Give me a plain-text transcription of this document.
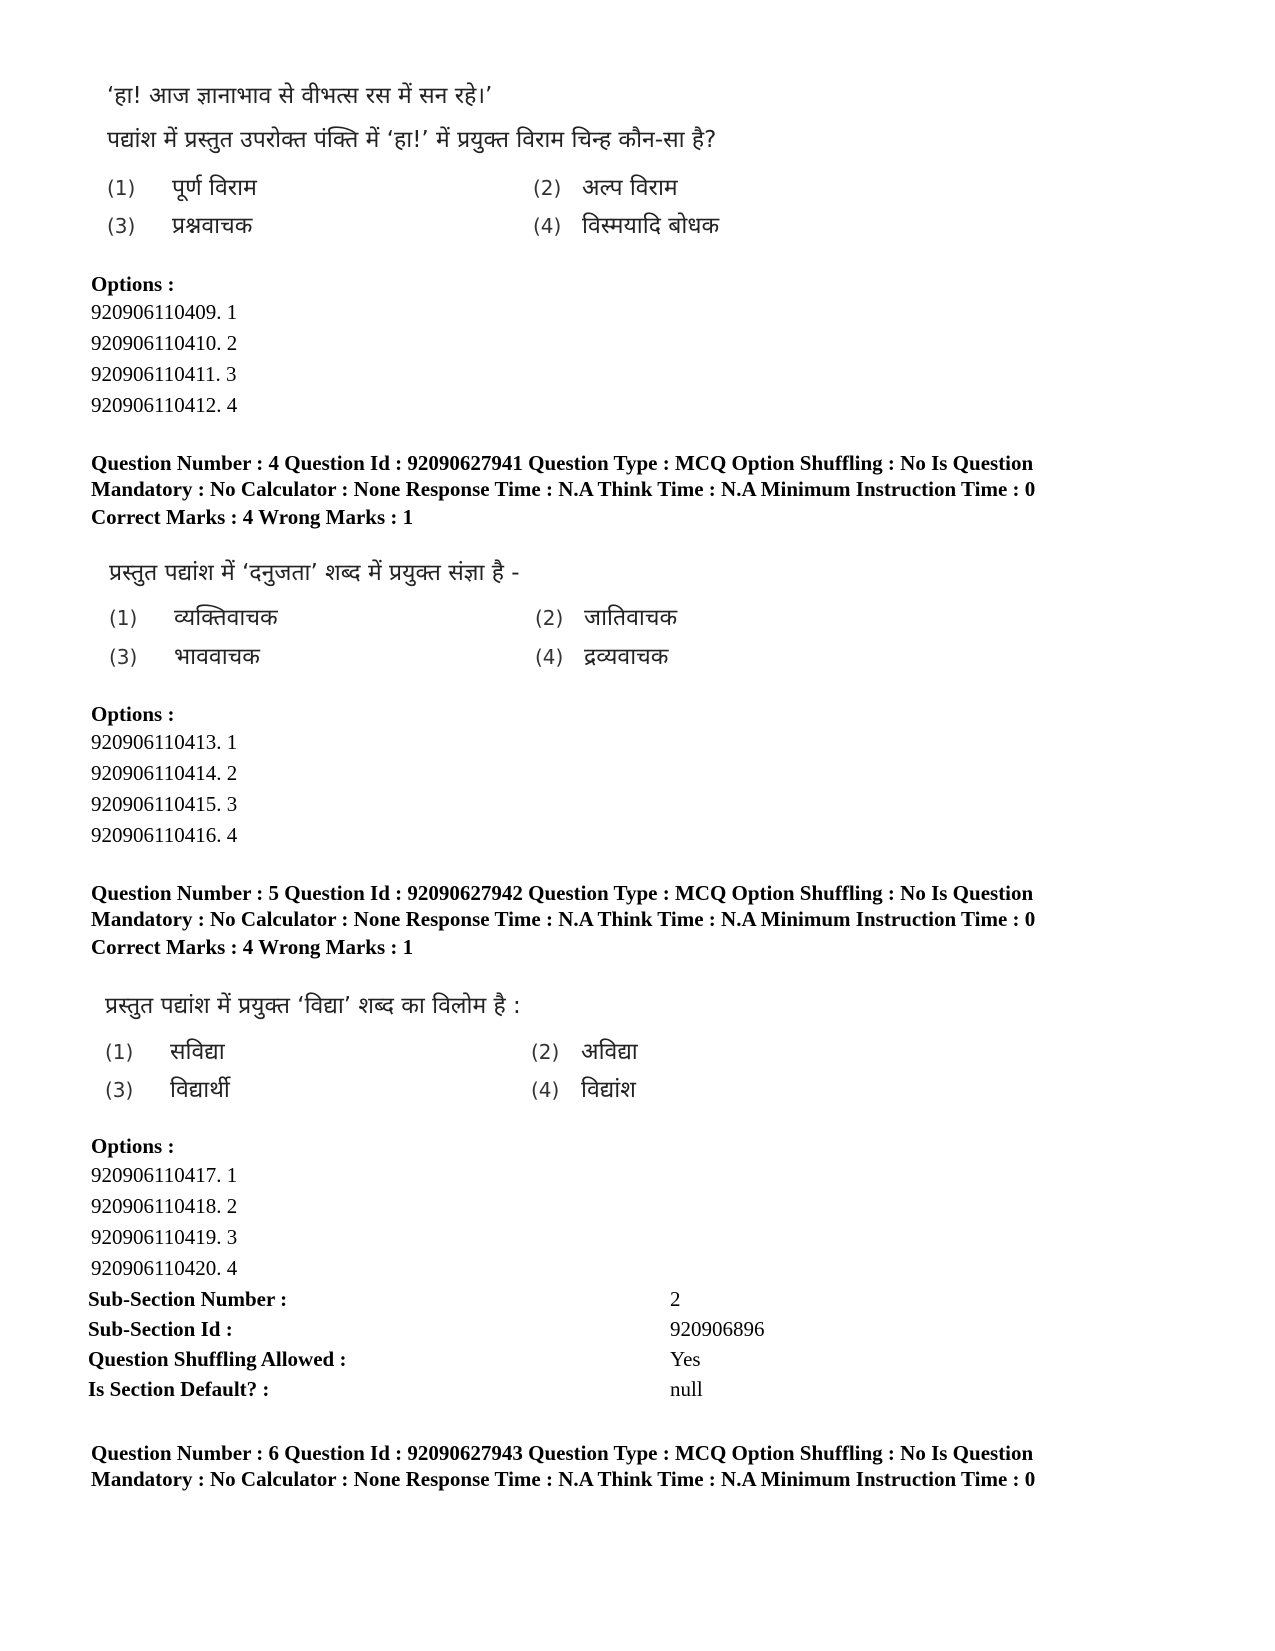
‘हा! आज ज्ञानाभाव से वीभत्स रस में सन रहे।’
पद्यांश में प्रस्तुत उपरोक्त पंक्ति में ‘हा!’ में प्रयुक्त विराम चिन्ह कौन-सा है?
(1) पूर्ण विराम	(2) अल्प विराम
(3) प्रश्नवाचक	(4) विस्मयादि बोधक
Options :
920906110409. 1
920906110410. 2
920906110411. 3
920906110412. 4
Question Number : 4 Question Id : 92090627941 Question Type : MCQ Option Shuffling : No Is Question
Mandatory : No Calculator : None Response Time : N.A Think Time : N.A Minimum Instruction Time : 0
Correct Marks : 4 Wrong Marks : 1
प्रस्तुत पद्यांश में ‘दनुजता’ शब्द में प्रयुक्त संज्ञा है -
(1) व्यक्तिवाचक	(2) जातिवाचक
(3) भाववाचक	(4) द्रव्यवाचक
Options :
920906110413. 1
920906110414. 2
920906110415. 3
920906110416. 4
Question Number : 5 Question Id : 92090627942 Question Type : MCQ Option Shuffling : No Is Question
Mandatory : No Calculator : None Response Time : N.A Think Time : N.A Minimum Instruction Time : 0
Correct Marks : 4 Wrong Marks : 1
प्रस्तुत पद्यांश में प्रयुक्त ‘विद्या’ शब्द का विलोम है :
(1) सविद्या	(2) अविद्या
(3) विद्यार्थी	(4) विद्यांश
Options :
920906110417. 1
920906110418. 2
920906110419. 3
920906110420. 4
Sub-Section Number :	2
Sub-Section Id :	920906896
Question Shuffling Allowed :	Yes
Is Section Default? :	null
Question Number : 6 Question Id : 92090627943 Question Type : MCQ Option Shuffling : No Is Question
Mandatory : No Calculator : None Response Time : N.A Think Time : N.A Minimum Instruction Time : 0
